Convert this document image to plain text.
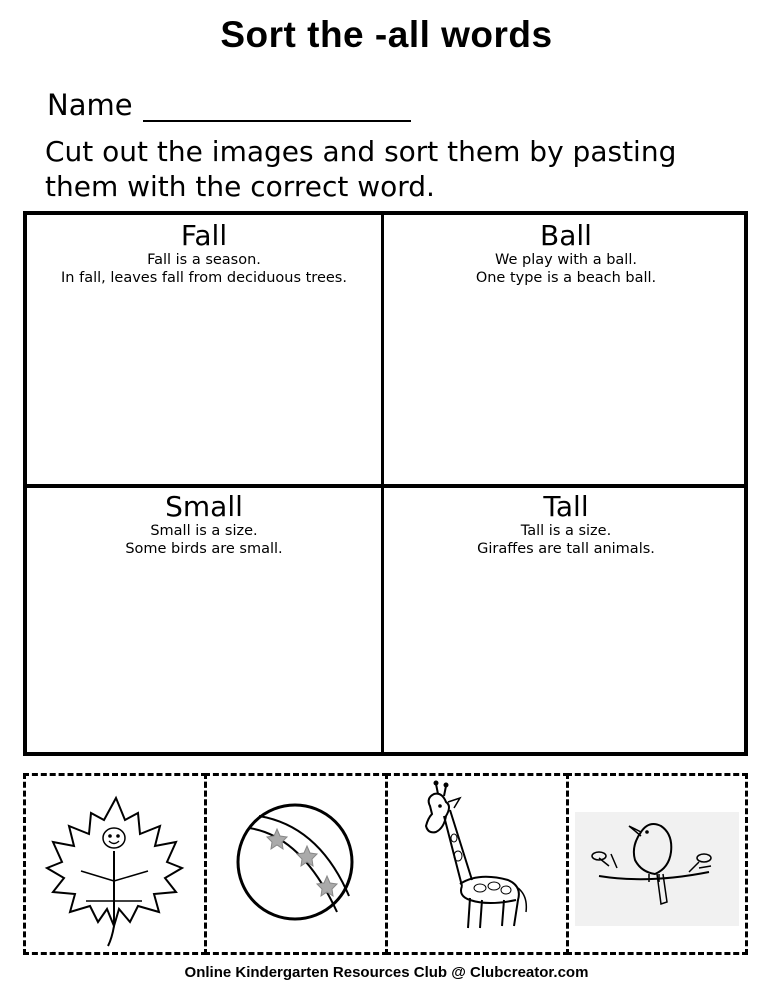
Sort the -all words
Name
Cut out the images and sort them by pasting them with the correct word.
Fall
Fall is a season.
In fall, leaves fall from deciduous trees.
Ball
We play with a ball.
One type is a beach ball.
Small
Small is a size.
Some birds are small.
Tall
Tall is a size.
Giraffes are tall animals.
Online Kindergarten Resources Club @ Clubcreator.com
